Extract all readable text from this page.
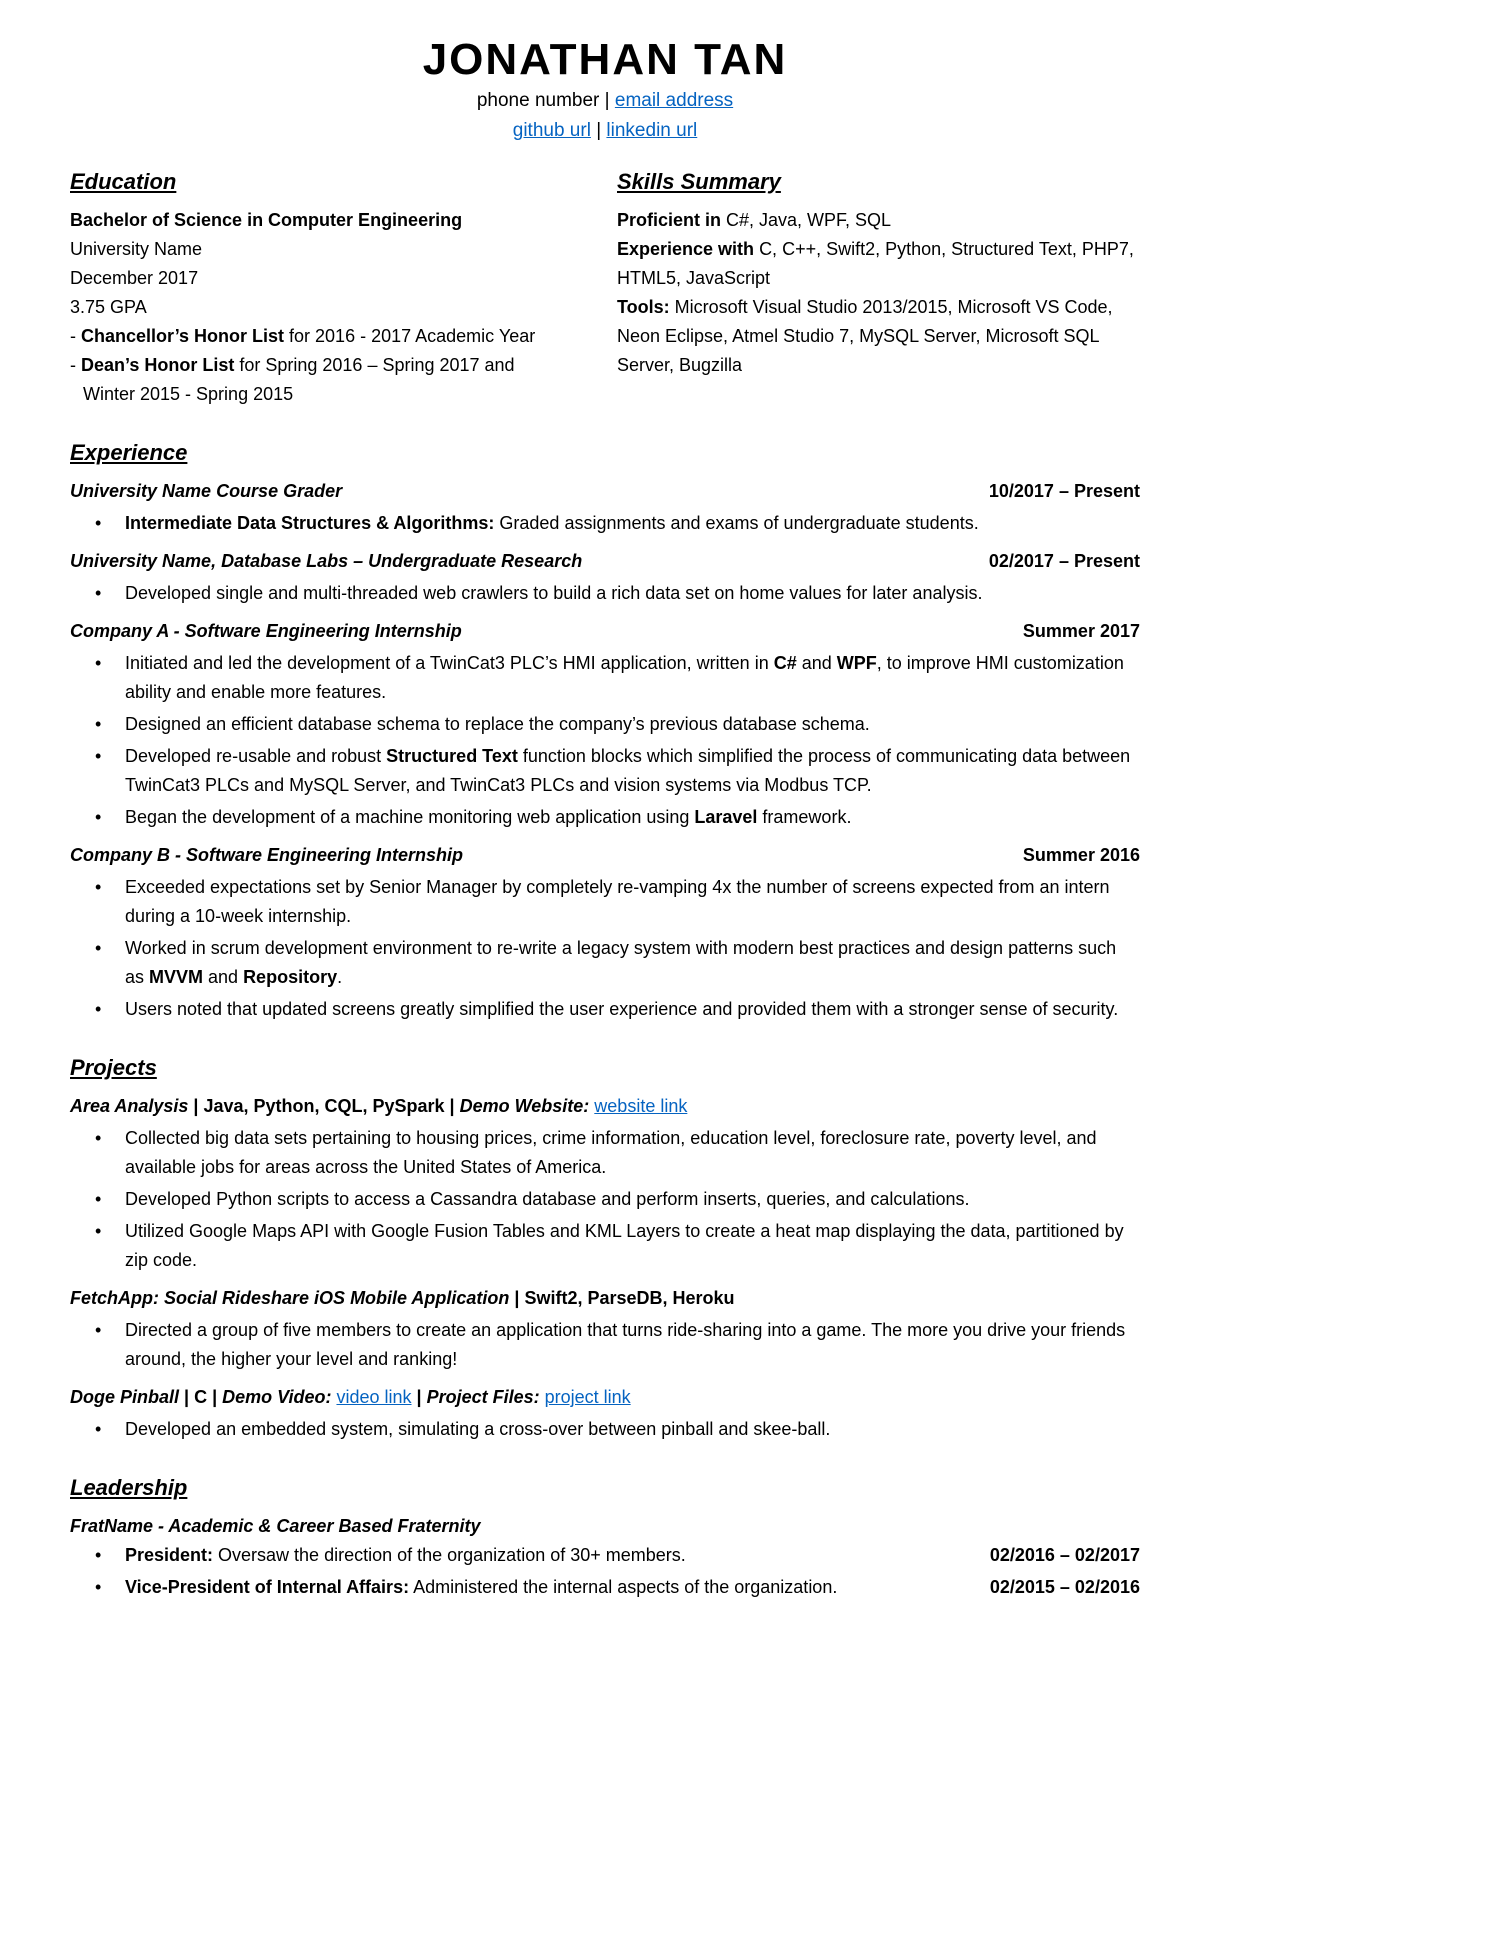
JONATHAN TAN
phone number | email address
github url | linkedin url
Education
Bachelor of Science in Computer Engineering
University Name
December 2017
3.75 GPA
- Chancellor’s Honor List for 2016 - 2017 Academic Year
- Dean’s Honor List for Spring 2016 – Spring 2017 and Winter 2015 - Spring 2015
Skills Summary
Proficient in C#, Java, WPF, SQL
Experience with C, C++, Swift2, Python, Structured Text, PHP7, HTML5, JavaScript
Tools: Microsoft Visual Studio 2013/2015, Microsoft VS Code, Neon Eclipse, Atmel Studio 7, MySQL Server, Microsoft SQL Server, Bugzilla
Experience
University Name Course Grader	10/2017 – Present
• Intermediate Data Structures & Algorithms: Graded assignments and exams of undergraduate students.
University Name, Database Labs – Undergraduate Research	02/2017 – Present
• Developed single and multi-threaded web crawlers to build a rich data set on home values for later analysis.
Company A - Software Engineering Internship	Summer 2017
• Initiated and led the development of a TwinCat3 PLC’s HMI application, written in C# and WPF, to improve HMI customization ability and enable more features.
• Designed an efficient database schema to replace the company’s previous database schema.
• Developed re-usable and robust Structured Text function blocks which simplified the process of communicating data between TwinCat3 PLCs and MySQL Server, and TwinCat3 PLCs and vision systems via Modbus TCP.
• Began the development of a machine monitoring web application using Laravel framework.
Company B - Software Engineering Internship	Summer 2016
• Exceeded expectations set by Senior Manager by completely re-vamping 4x the number of screens expected from an intern during a 10-week internship.
• Worked in scrum development environment to re-write a legacy system with modern best practices and design patterns such as MVVM and Repository.
• Users noted that updated screens greatly simplified the user experience and provided them with a stronger sense of security.
Projects
Area Analysis | Java, Python, CQL, PySpark | Demo Website: website link
• Collected big data sets pertaining to housing prices, crime information, education level, foreclosure rate, poverty level, and available jobs for areas across the United States of America.
• Developed Python scripts to access a Cassandra database and perform inserts, queries, and calculations.
• Utilized Google Maps API with Google Fusion Tables and KML Layers to create a heat map displaying the data, partitioned by zip code.
FetchApp: Social Rideshare iOS Mobile Application | Swift2, ParseDB, Heroku
• Directed a group of five members to create an application that turns ride-sharing into a game. The more you drive your friends around, the higher your level and ranking!
Doge Pinball | C | Demo Video: video link | Project Files: project link
• Developed an embedded system, simulating a cross-over between pinball and skee-ball.
Leadership
FratName - Academic & Career Based Fraternity
• President: Oversaw the direction of the organization of 30+ members.	02/2016 – 02/2017
• Vice-President of Internal Affairs: Administered the internal aspects of the organization.	02/2015 – 02/2016
